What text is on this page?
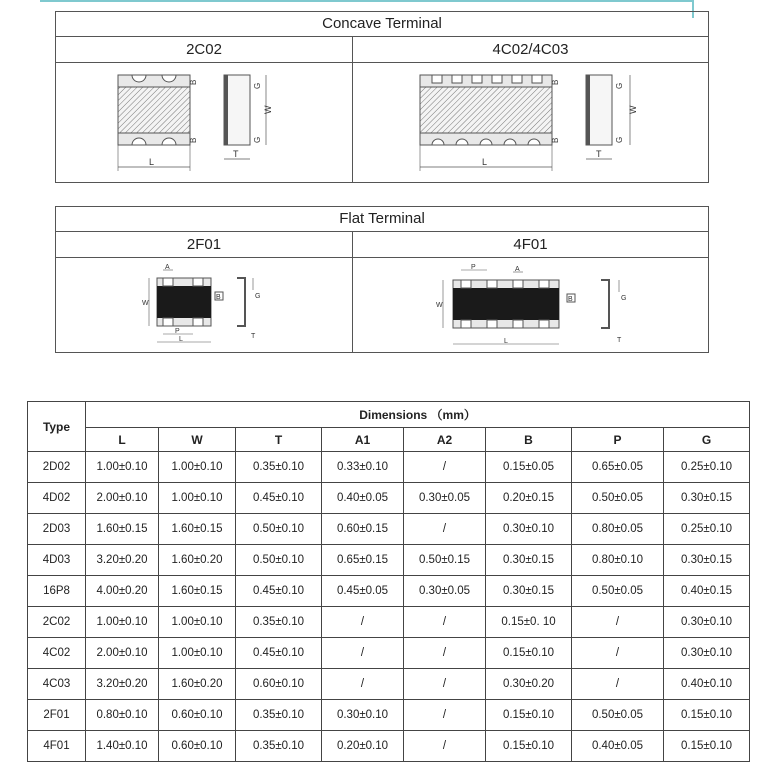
Concave Terminal
2C02	4C02/4C03
L
B
B
W
G
G
T
L
B
B
W
G
G
T
Flat Terminal
2F01	4F01
A
W
P
L
B	G
T
P	A
W
L
B	G
T
Type	Dimensions （mm）							
	L	W	T	A1	A2	B	P	G
2D02	1.00±0.10	1.00±0.10	0.35±0.10	0.33±0.10	/	0.15±0.05	0.65±0.05	0.25±0.10
4D02	2.00±0.10	1.00±0.10	0.45±0.10	0.40±0.05	0.30±0.05	0.20±0.15	0.50±0.05	0.30±0.15
2D03	1.60±0.15	1.60±0.15	0.50±0.10	0.60±0.15	/	0.30±0.10	0.80±0.05	0.25±0.10
4D03	3.20±0.20	1.60±0.20	0.50±0.10	0.65±0.15	0.50±0.15	0.30±0.15	0.80±0.10	0.30±0.15
16P8	4.00±0.20	1.60±0.15	0.45±0.10	0.45±0.05	0.30±0.05	0.30±0.15	0.50±0.05	0.40±0.15
2C02	1.00±0.10	1.00±0.10	0.35±0.10	/	/	0.15±0. 10	/	0.30±0.10
4C02	2.00±0.10	1.00±0.10	0.45±0.10	/	/	0.15±0.10	/	0.30±0.10
4C03	3.20±0.20	1.60±0.20	0.60±0.10	/	/	0.30±0.20	/	0.40±0.10
2F01	0.80±0.10	0.60±0.10	0.35±0.10	0.30±0.10	/	0.15±0.10	0.50±0.05	0.15±0.10
4F01	1.40±0.10	0.60±0.10	0.35±0.10	0.20±0.10	/	0.15±0.10	0.40±0.05	0.15±0.10
